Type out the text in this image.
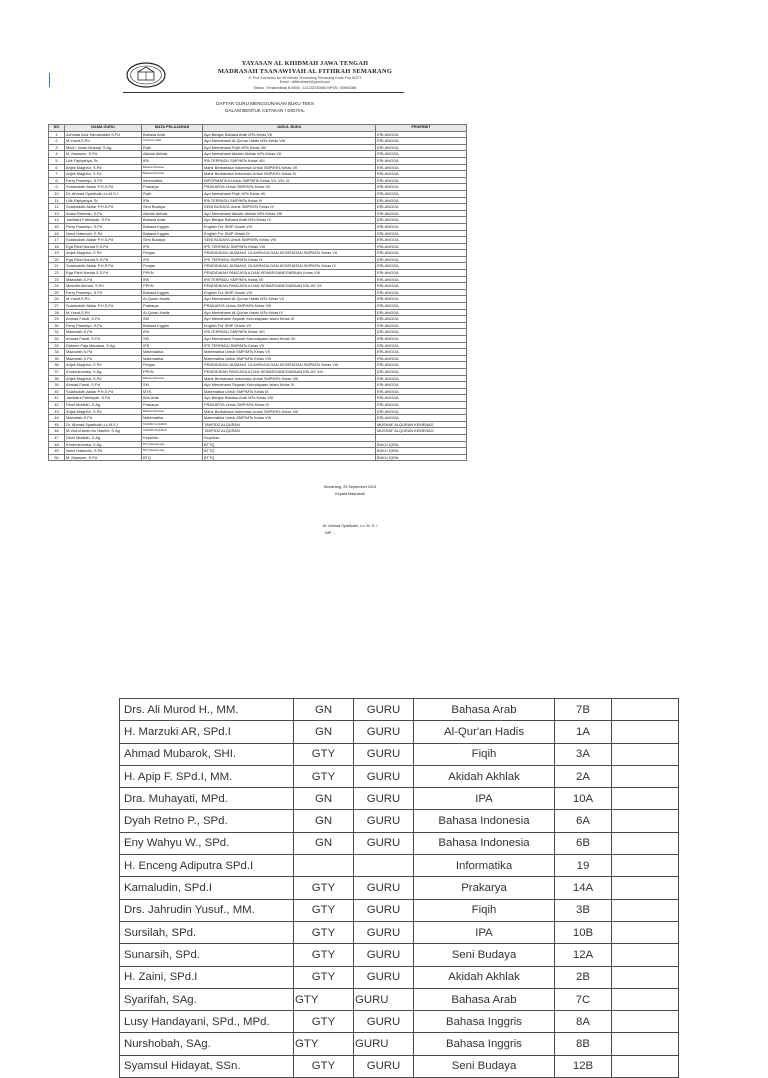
YAYASAN AL KHIDMAH JAWA TENGAH
MADRASAH TSANAWIYAH AL FITHRAH SEMARANG
Jl. Prof Soeharso No 99 Mrican Tembalang Semarang Kode Pos 50271
Email : alfithrahsmt@gmail.com
Status : Terakreditasi B NSM : 121233740060 NPSN : 69983086
DAFTAR GURU MENGGUNAKAN BUKU TEKS
DALAM BENTUK CETAKAN / DIGITAL
NO	NAMA GURU	MATA PELAJARAN	JUDUL BUKU	PENERBIT
1	Achmad Aziz Kamaluddin,S.Pd	Bahasa Arab	Ayo Belajar Bahasa Arab MTs Kelas VII	ERLANGGA
2	M.Yusuf,S.Pd	Al-Qur'an Hadis	Ayo Memahami Al-Qur'an Hadis MTs Kelas VIII	ERLANGGA
3	Moch. Insan Muzaqi, S.Ag	Fiqih	Ayo Memahami Fiqih MTs Kelas VIII	ERLANGGA
4	M. Mansum, S.Pd	Akidah Akhlak	Ayo Memahami Akidah Akhlak MTs Kelas VII	ERLANGGA
5	Lilik Fajriyahya, Sr.	IPA	IPA TERPADU SMP/MTs Kelas VIII	ERLANGGA
6	Arijek Maghfur, S.Pd	Bahasa Indonesia	Mahir Berbahasa Indonesia Untuk SMP/MTs Kelas VII	ERLANGGA
7	Arijek Maghfur, S.Pd	Bahasa Indonesia	Mahir Berbahasa Indonesia Untuk SMP/MTs Kelas IX	ERLANGGA
8	Ferry Prasetyo, S.Pd	Informatika	INFORMATIKA Untuk SMP/MTs Kelas VII, VIII, IX	ERLANGGA
9	Solahuddin Akbar P.H,S.Pd	Prakarya	PRAKARYA Untuk SMP/MTs Kelas VII	ERLANGGA
10	Dr. Ahmad Syarifudin,Lc.M.S.I	Fiqih	Ayo Memahami Fiqih MTs Kelas VII	ERLANGGA
11	Lilik Fajriyahya, Sr.	IPA	IPA TERPADU SMP/MTs Kelas IX	ERLANGGA
12	Solahuddin Akbar P.H,S.Pd	Seni Budaya	SENI BUDAYA Untuk SMP/MTs Kelas IX	ERLANGGA
13	Anisa Rahmah, S.Pd	Akidah Akhlak	Ayo Memahami Akidah Akhlak MTs Kelas VIII	ERLANGGA
14	Jamilatul Fatimiyah, S.Pd	Bahasa Arab	Ayo Belajar Bahasa Arab MTs Kelas IX	ERLANGGA
15	Ferry Prasetyo, S.Pd	Bahasa Inggris	English For SMP Grade VIII	ERLANGGA
16	Nurul Hakimah, S.Pd	Bahasa Inggris	English For SMP Grade IX	ERLANGGA
17	Solahuddin Akbar P.H,S.Pd	Seni Budaya	SENI BUDAYA Untuk SMP/MTs Kelas VIII	ERLANGGA
18	Ega Rizki Nanda S.S.Pd	IPS	IPS TERPADU SMP/MTs Kelas VIII	ERLANGGA
19	Arijek Maghfur, S.Pd	Penjas	PENDIDIKAN JASMANI, OLAHRAGA DAN KESEHATAN SMP/MTs Kelas VII	ERLANGGA
20	Ega Rizki Nanda S.S.Pd	IPS	IPS TERPADU SMP/MTs Kelas IX	ERLANGGA
21	Solahuddin Akbar P.H,S.Pd	Penjas	PENDIDIKAN JASMANI, OLAHRAGA DAN KESEHATAN SMP/MTs Kelas IX	ERLANGGA
22	Ega Rizki Nanda S.S.Pd	PPKN	PENDIDIKAN PANCASILA DAN KEWARGANEGARAAN Kelas VIII	ERLANGGA
23	Maarufah,S.Pd	IPA	IPA TERPADU SMP/MTs Kelas VII	ERLANGGA
24	Musoffa Ahmad, S.Pd	PPKN	PENDIDIKAN PANCASILA DAN KEWARGANEGARAAN KELAS VII	ERLANGGA
25	Ferry Prasetyo, S.Pd	Bahasa Inggris	English For SMP Grade VIII	ERLANGGA
26	M.Yusuf,S.Pd	Al-Quran Hadis	Ayo Memahami Al-Qur'an Hadis MTs Kelas VII	ERLANGGA
27	Solahuddin Akbar P.H,S.Pd	Prakarya	PRAKARYA Untuk SMP/MTs Kelas VIII	ERLANGGA
28	M.Yusuf,S.Pd	Al-Quran Hadis	Ayo Memahami Al-Qur'an Hadis MTs Kelas IX	ERLANGGA
29	Ahmad Fandi, S.Pd	SKI	Ayo Memahami Sejarah Kebudayaan Islam Kelas IX	ERLANGGA
30	Ferry Prasetyo, S.Pd	Bahasa Inggris	English For SMP Grade VII	ERLANGGA
31	Maarufah,S.Pd	IPA	IPA TERPADU SMP/MTs Kelas VIII	ERLANGGA
32	Ahmad Fandi, S.Pd	SKI	Ayo Memahami Sejarah Kebudayaan Islam Kelas VII	ERLANGGA
33	Rakeen Faja Maulana, S.Ag	IPS	IPS TERPADU SMP/MTs Kelas VII	ERLANGGA
34	Maarufah,S.Pd	Matematika	Matematika Untuk SMP/MTs Kelas VII	ERLANGGA
35	Maarufah,S.Pd	Matematika	Matematika Untuk SMP/MTs Kelas VIII	ERLANGGA
36	Arijek Maghfur, S.Pd	Penjas	PENDIDIKAN JASMANI, OLAHRAGA DAN KESEHATAN SMP/MTs Kelas VIII	ERLANGGA
37	Khoerulunnisa, S.Ag	PPKN	PENDIDIKAN PANCASILA DAN KEWARGANEGARAAN KELAS VIII	ERLANGGA
38	Arijek Maghfur, S.Pd	Bahasa Indonesia	Mahir Berbahasa Indonesia Untuk SMP/MTs Kelas VIII	ERLANGGA
39	Ahmad Fandi, S.Pd	SKI	Ayo Memahami Sejarah Kebudayaan Islam Kelas IX	ERLANGGA
40	Solahuddin Akbar P.H,S.Pd	MTK	Matematika Untuk SMP/MTs Kelas IX	ERLANGGA
41	Jamilatul Fatimiyah, S.Pd	Bhs Arab	Ayo Belajar Bahasa Arab MTs Kelas VIII	ERLANGGA
42	Dholi Mubilah, S.Ag	Prakarya	PRAKARYA Untuk SMP/MTs Kelas IX	ERLANGGA
43	Arijek Maghfur, S.Pd	Bahasa Indonesia	Mahir Berbahasa Indonesia Untuk SMP/MTs Kelas VIII	ERLANGGA
44	Maarufah,S.Pd	Matematika	Matematika Untuk SMP/MTs Kelas VIII	ERLANGGA
45	Dr. Ahmad Syarifudin,Lc.M.S.I	TAHFIDZ ALQURAN	TAHFIDZ ALQURAN	MUSHAF ALQURAN KEMENAG
46	M. Nurul Amin An Nashih, S.Ag	TAHFIDZ ALQURAN	TAHFIDZ ALQURAN	MUSHAF ALQURAN KEMENAG
47	Dholi Mubilah, S.Ag	Kepuhan	Kepuhan	
48	Khoerulunnisa, S.Ag	BTQ Kepuhan Haj	BTTQ	BUKU IQRA
49	Nurul Hakimah, S.Pd	BTQ Kepuhan Haj	BTTQ	BUKU IQRA
50	M. Mansum, S.Pd	BTQ	BTTQ	BUKU IQRA
Semarang, 25 September 2024
Kepala Madrasah
Dr. Ahmad Syarifudin, Lc. M. S. I
NIP. -
Drs. Ali Murod H., MM.	GN	GURU	Bahasa Arab	7B	
H. Marzuki AR, SPd.I	GN	GURU	Al-Qur'an Hadis	1A	
Ahmad Mubarok, SHI.	GTY	GURU	Fiqih	3A	
H. Apip F. SPd.I, MM.	GTY	GURU	Akidah Akhlak	2A	
Dra. Muhayati, MPd.	GN	GURU	IPA	10A	
Dyah Retno P., SPd.	GN	GURU	Bahasa Indonesia	6A	
Eny Wahyu W., SPd.	GN	GURU	Bahasa Indonesia	6B	
H. Enceng Adiputra SPd.I			Informatika	19	
Kamaludin, SPd.I	GTY	GURU	Prakarya	14A	
Drs. Jahrudin Yusuf., MM.	GTY	GURU	Fiqih	3B	
Sursilah, SPd.	GTY	GURU	IPA	10B	
Sunarsih, SPd.	GTY	GURU	Seni Budaya	12A	
H. Zaini, SPd.I	GTY	GURU	Akidah Akhlak	2B	
Syarifah, SAg.	GTY	GURU	Bahasa Arab	7C	
Lusy Handayani, SPd., MPd.	GTY	GURU	Bahasa Inggris	8A	
Nurshobah, SAg.	GTY	GURU	Bahasa Inggris	8B	
Syamsul Hidayat, SSn.	GTY	GURU	Seni Budaya	12B	
